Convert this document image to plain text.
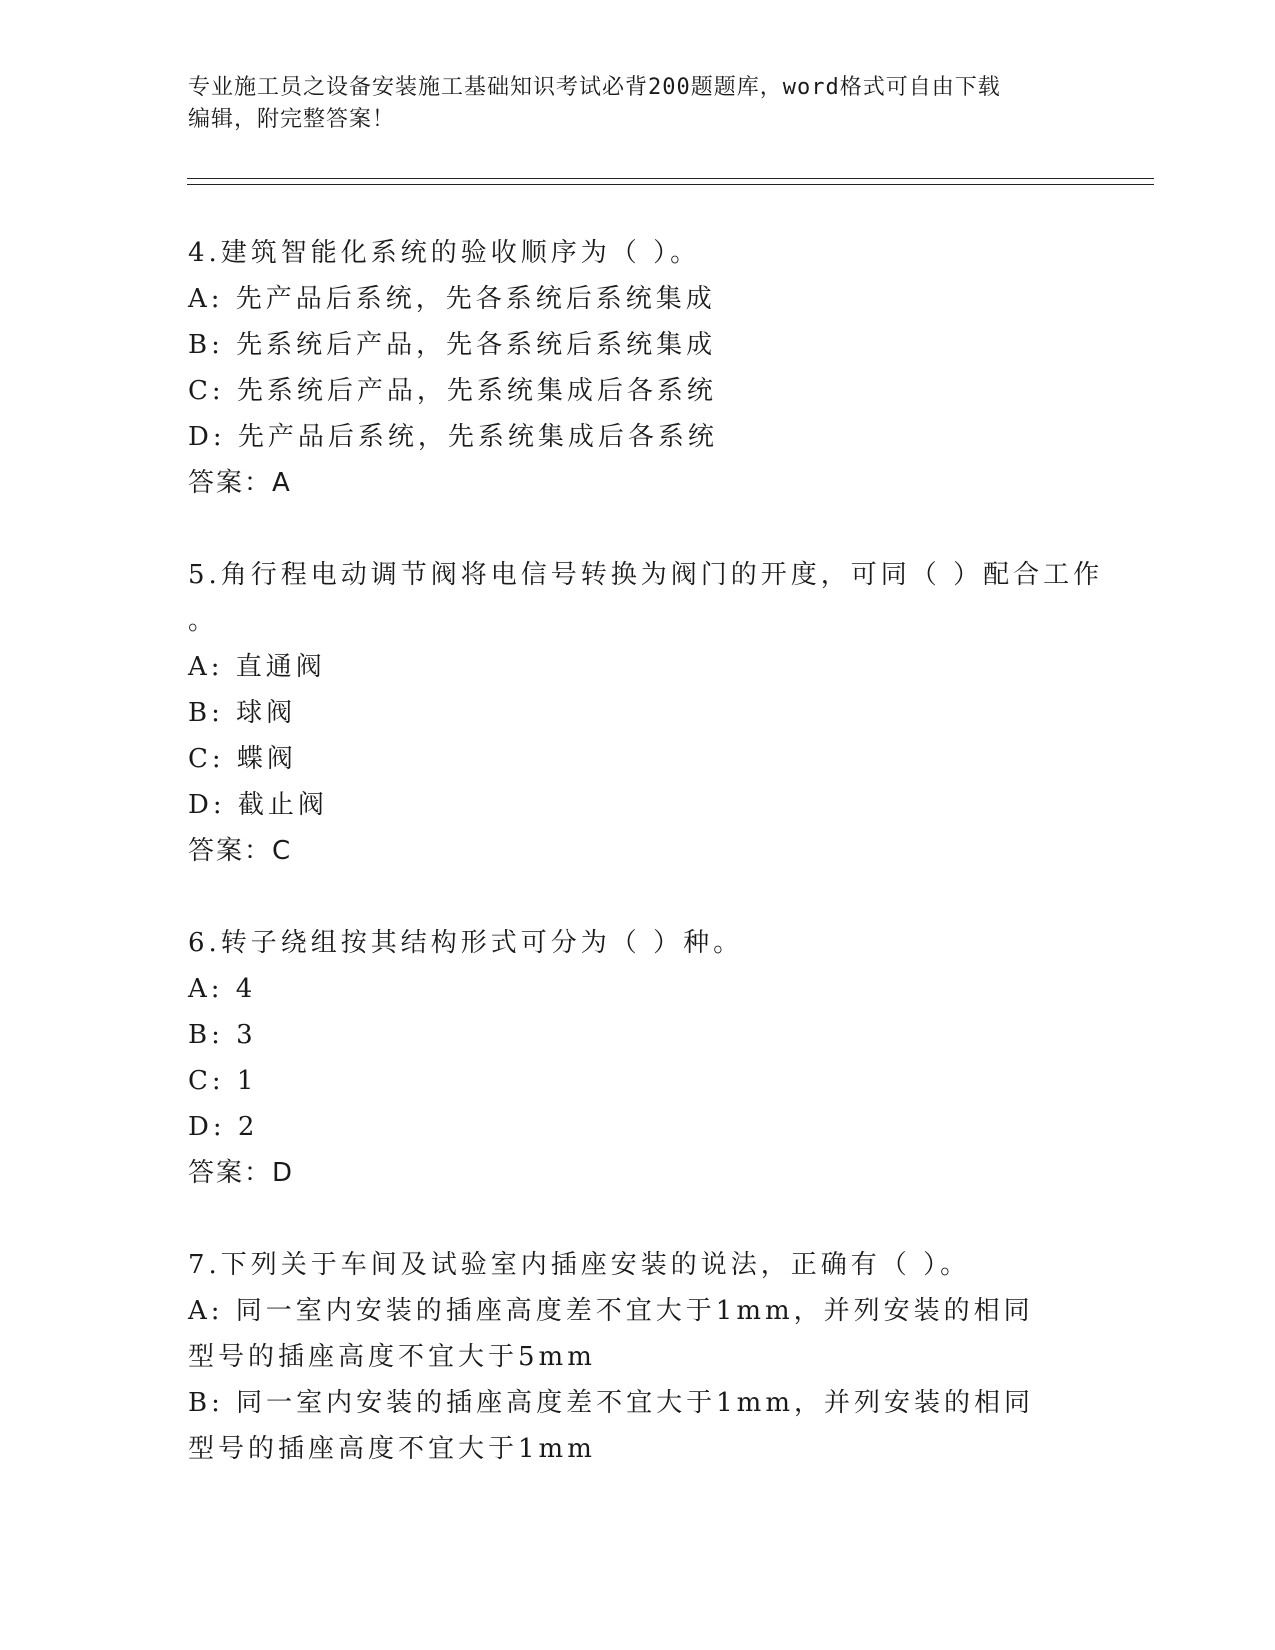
专业施工员之设备安装施工基础知识考试必背200题题库，word格式可自由下载
编辑，附完整答案！
4.建筑智能化系统的验收顺序为（ ）。
A: 先产品后系统，先各系统后系统集成
B: 先系统后产品，先各系统后系统集成
C: 先系统后产品，先系统集成后各系统
D: 先产品后系统，先系统集成后各系统
答案：A
5.角行程电动调节阀将电信号转换为阀门的开度，可同（ ）配合工作
。
A: 直通阀
B: 球阀
C: 蝶阀
D: 截止阀
答案：C
6.转子绕组按其结构形式可分为（ ）种。
A: 4
B: 3
C: 1
D: 2
答案：D
7.下列关于车间及试验室内插座安装的说法，正确有（ ）。
A: 同一室内安装的插座高度差不宜大于1mm，并列安装的相同型号的插座高度不宜大于5mm
B: 同一室内安装的插座高度差不宜大于1mm，并列安装的相同型号的插座高度不宜大于1mm
